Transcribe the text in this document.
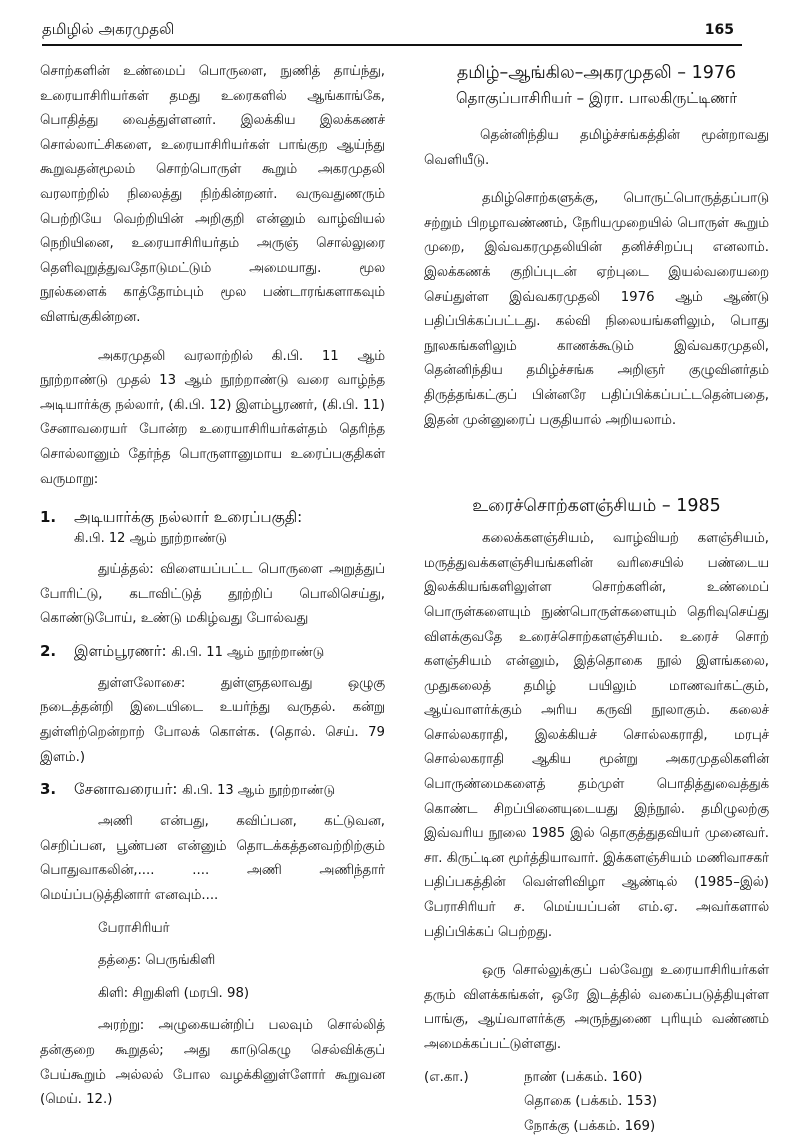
தமிழில் அகரமுதலி	165

சொற்களின் உண்மைப் பொருளை, நுணித் தாய்ந்து, உரையாசிரியர்கள் தமது உரைகளில் ஆங்காங்கே, பொதித்து வைத்துள்ளனர். இலக்கிய இலக்கணச் சொல்லாட்சிகளை, உரையாசிரியர்கள் பாங்குற ஆய்ந்து கூறுவதன்மூலம் சொற்பொருள் கூறும் அகரமுதலி வரலாற்றில் நிலைத்து நிற்கின்றனர். வருவதுணரும் பெற்றியே வெற்றியின் அறிகுறி என்னும் வாழ்வியல் நெறியினை, உரையாசிரியர்தம் அருஞ் சொல்லுரை தெளிவுறுத்துவதோடுமட்டும் அமையாது. மூல நூல்களைக் காத்தோம்பும் மூல பண்டாரங்களாகவும் விளங்குகின்றன.

அகரமுதலி வரலாற்றில் கி.பி. 11 ஆம் நூற்றாண்டு முதல் 13 ஆம் நூற்றாண்டு வரை வாழ்ந்த அடியார்க்கு நல்லார், (கி.பி. 12) இளம்பூரணர், (கி.பி. 11) சேனாவரையர் போன்ற உரையாசிரியர்கள்தம் தெரிந்த சொல்லானும் தேர்ந்த பொருளானுமாய உரைப்பகுதிகள் வருமாறு:

1.	அடியார்க்கு நல்லார் உரைப்பகுதி:
கி.பி. 12 ஆம் நூற்றாண்டு

துய்த்தல்: விளையப்பட்ட பொருளை அறுத்துப் போரிட்டு, கடாவிட்டுத் தூற்றிப் பொலிசெய்து, கொண்டுபோய், உண்டு மகிழ்வது போல்வது

2.	இளம்பூரணர்: கி.பி. 11 ஆம் நூற்றாண்டு

துள்ளலோசை: துள்ளுதலாவது ஒழுகு நடைத்தன்றி இடையிடை உயர்ந்து வருதல். கன்று துள்ளிற்றென்றாற் போலக் கொள்க. (தொல். செய். 79 இளம்.)

3.	சேனாவரையர்: கி.பி. 13 ஆம் நூற்றாண்டு

அணி என்பது, கவிப்பன, கட்டுவன, செறிப்பன, பூண்பன என்னும் தொடக்கத்தனவற்றிற்கும் பொதுவாகலின்,.... .... அணி அணிந்தார் மெய்ப்படுத்தினார் எனவும்....

பேராசிரியர்

தத்தை: பெருங்கிளி

கிளி: சிறுகிளி (மரபி. 98)

அரற்று: அழுகையன்றிப் பலவும் சொல்லித் தன்குறை கூறுதல்; அது காடுகெழு செல்விக்குப் பேய்கூறும் அல்லல் போல வழக்கினுள்ளோர் கூறுவன (மெய். 12.)

தமிழ்–ஆங்கில–அகரமுதலி – 1976
தொகுப்பாசிரியர் – இரா. பாலகிருட்டிணர்

தென்னிந்திய தமிழ்ச்சங்கத்தின் மூன்றாவது வெளியீடு.

தமிழ்சொற்களுக்கு, பொருட்பொருத்தப்பாடு சற்றும் பிறழாவண்ணம், நேரியமுறையில் பொருள் கூறும் முறை, இவ்வகரமுதலியின் தனிச்சிறப்பு எனலாம். இலக்கணக் குறிப்புடன் ஏற்புடை இயல்வரையறை செய்துள்ள இவ்வகரமுதலி 1976 ஆம் ஆண்டு பதிப்பிக்கப்பட்டது. கல்வி நிலையங்களிலும், பொது நூலகங்களிலும் காணக்கூடும் இவ்வகரமுதலி, தென்னிந்திய தமிழ்ச்சங்க அறிஞர் குழுவினர்தம் திருத்தங்கட்குப் பின்னரே பதிப்பிக்கப்பட்டதென்பதை, இதன் முன்னுரைப் பகுதியால் அறியலாம்.

உரைச்சொற்களஞ்சியம் – 1985

கலைக்களஞ்சியம், வாழ்வியற் களஞ்சியம், மருத்துவக்களஞ்சியங்களின் வரிசையில் பண்டைய இலக்கியங்களிலுள்ள சொற்களின், உண்மைப் பொருள்களையும் நுண்பொருள்களையும் தெரிவுசெய்து விளக்குவதே உரைச்சொற்களஞ்சியம். உரைச் சொற் களஞ்சியம் என்னும், இத்தொகை நூல் இளங்கலை, முதுகலைத் தமிழ் பயிலும் மாணவர்கட்கும், ஆய்வாளர்க்கும் அரிய கருவி நூலாகும். கலைச் சொல்லகராதி, இலக்கியச் சொல்லகராதி, மரபுச் சொல்லகராதி ஆகிய மூன்று அகரமுதலிகளின் பொருண்மைகளைத் தம்முள் பொதித்துவைத்துக் கொண்ட சிறப்பினையுடையது இந்நூல். தமிழுலற்கு இவ்வரிய நூலை 1985 இல் தொகுத்துதவியர் முனைவர். சா. கிருட்டின மூர்த்தியாவார். இக்களஞ்சியம் மணிவாசகர் பதிப்பகத்தின் வெள்ளிவிழா ஆண்டில் (1985–இல்) பேராசிரியர் ச. மெய்யப்பன் எம்.ஏ. அவர்களால் பதிப்பிக்கப் பெற்றது.

ஒரு சொல்லுக்குப் பல்வேறு உரையாசிரியர்கள் தரும் விளக்கங்கள், ஒரே இடத்தில் வகைப்படுத்தியுள்ள பாங்கு, ஆய்வாளர்க்கு அருந்துணை புரியும் வண்ணம் அமைக்கப்பட்டுள்ளது.

(எ.கா.)	நாண் (பக்கம். 160)
தொகை (பக்கம். 153)
நோக்கு (பக்கம். 169)
